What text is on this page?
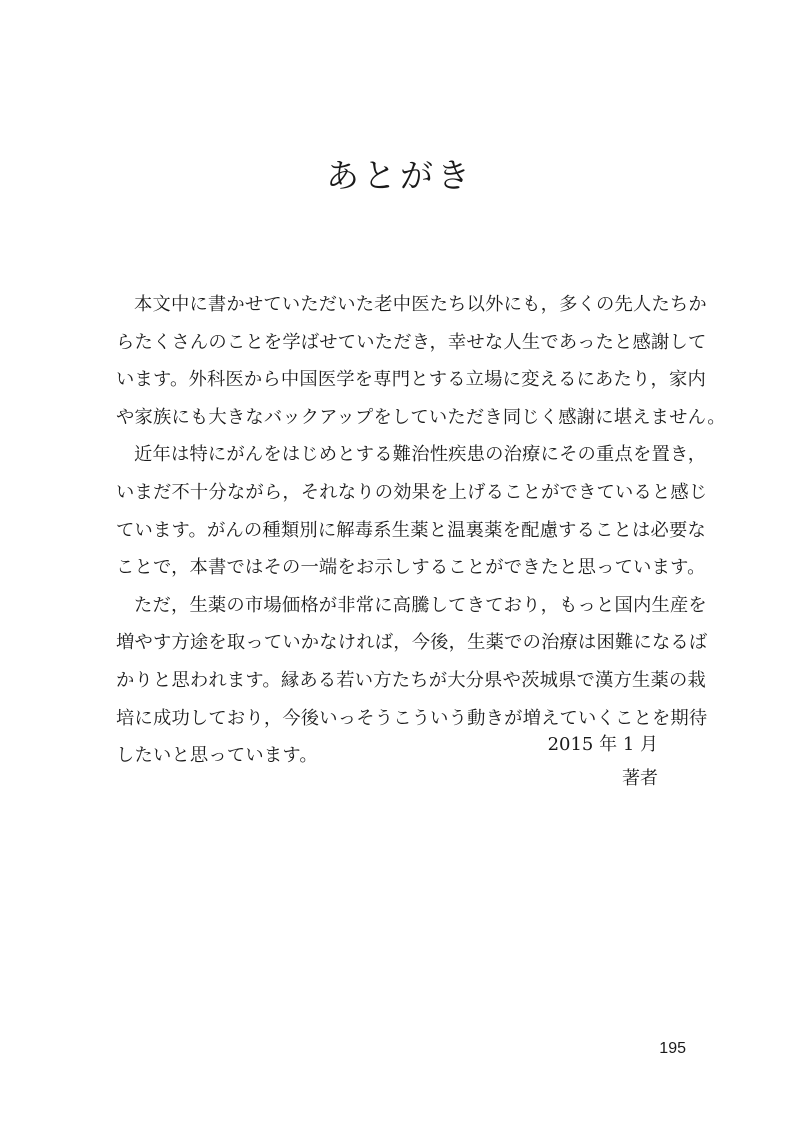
あとがき
本文中に書かせていただいた老中医たち以外にも，多くの先人たちか
らたくさんのことを学ばせていただき，幸せな人生であったと感謝して
います。外科医から中国医学を専門とする立場に変えるにあたり，家内
や家族にも大きなバックアップをしていただき同じく感謝に堪えません。
近年は特にがんをはじめとする難治性疾患の治療にその重点を置き，
いまだ不十分ながら，それなりの効果を上げることができていると感じ
ています。がんの種類別に解毒系生薬と温裏薬を配慮することは必要な
ことで，本書ではその一端をお示しすることができたと思っています。
ただ，生薬の市場価格が非常に高騰してきており，もっと国内生産を
増やす方途を取っていかなければ，今後，生薬での治療は困難になるば
かりと思われます。縁ある若い方たちが大分県や茨城県で漢方生薬の栽
培に成功しており，今後いっそうこういう動きが増えていくことを期待
したいと思っています。
2015 年 1 月
著者
195
